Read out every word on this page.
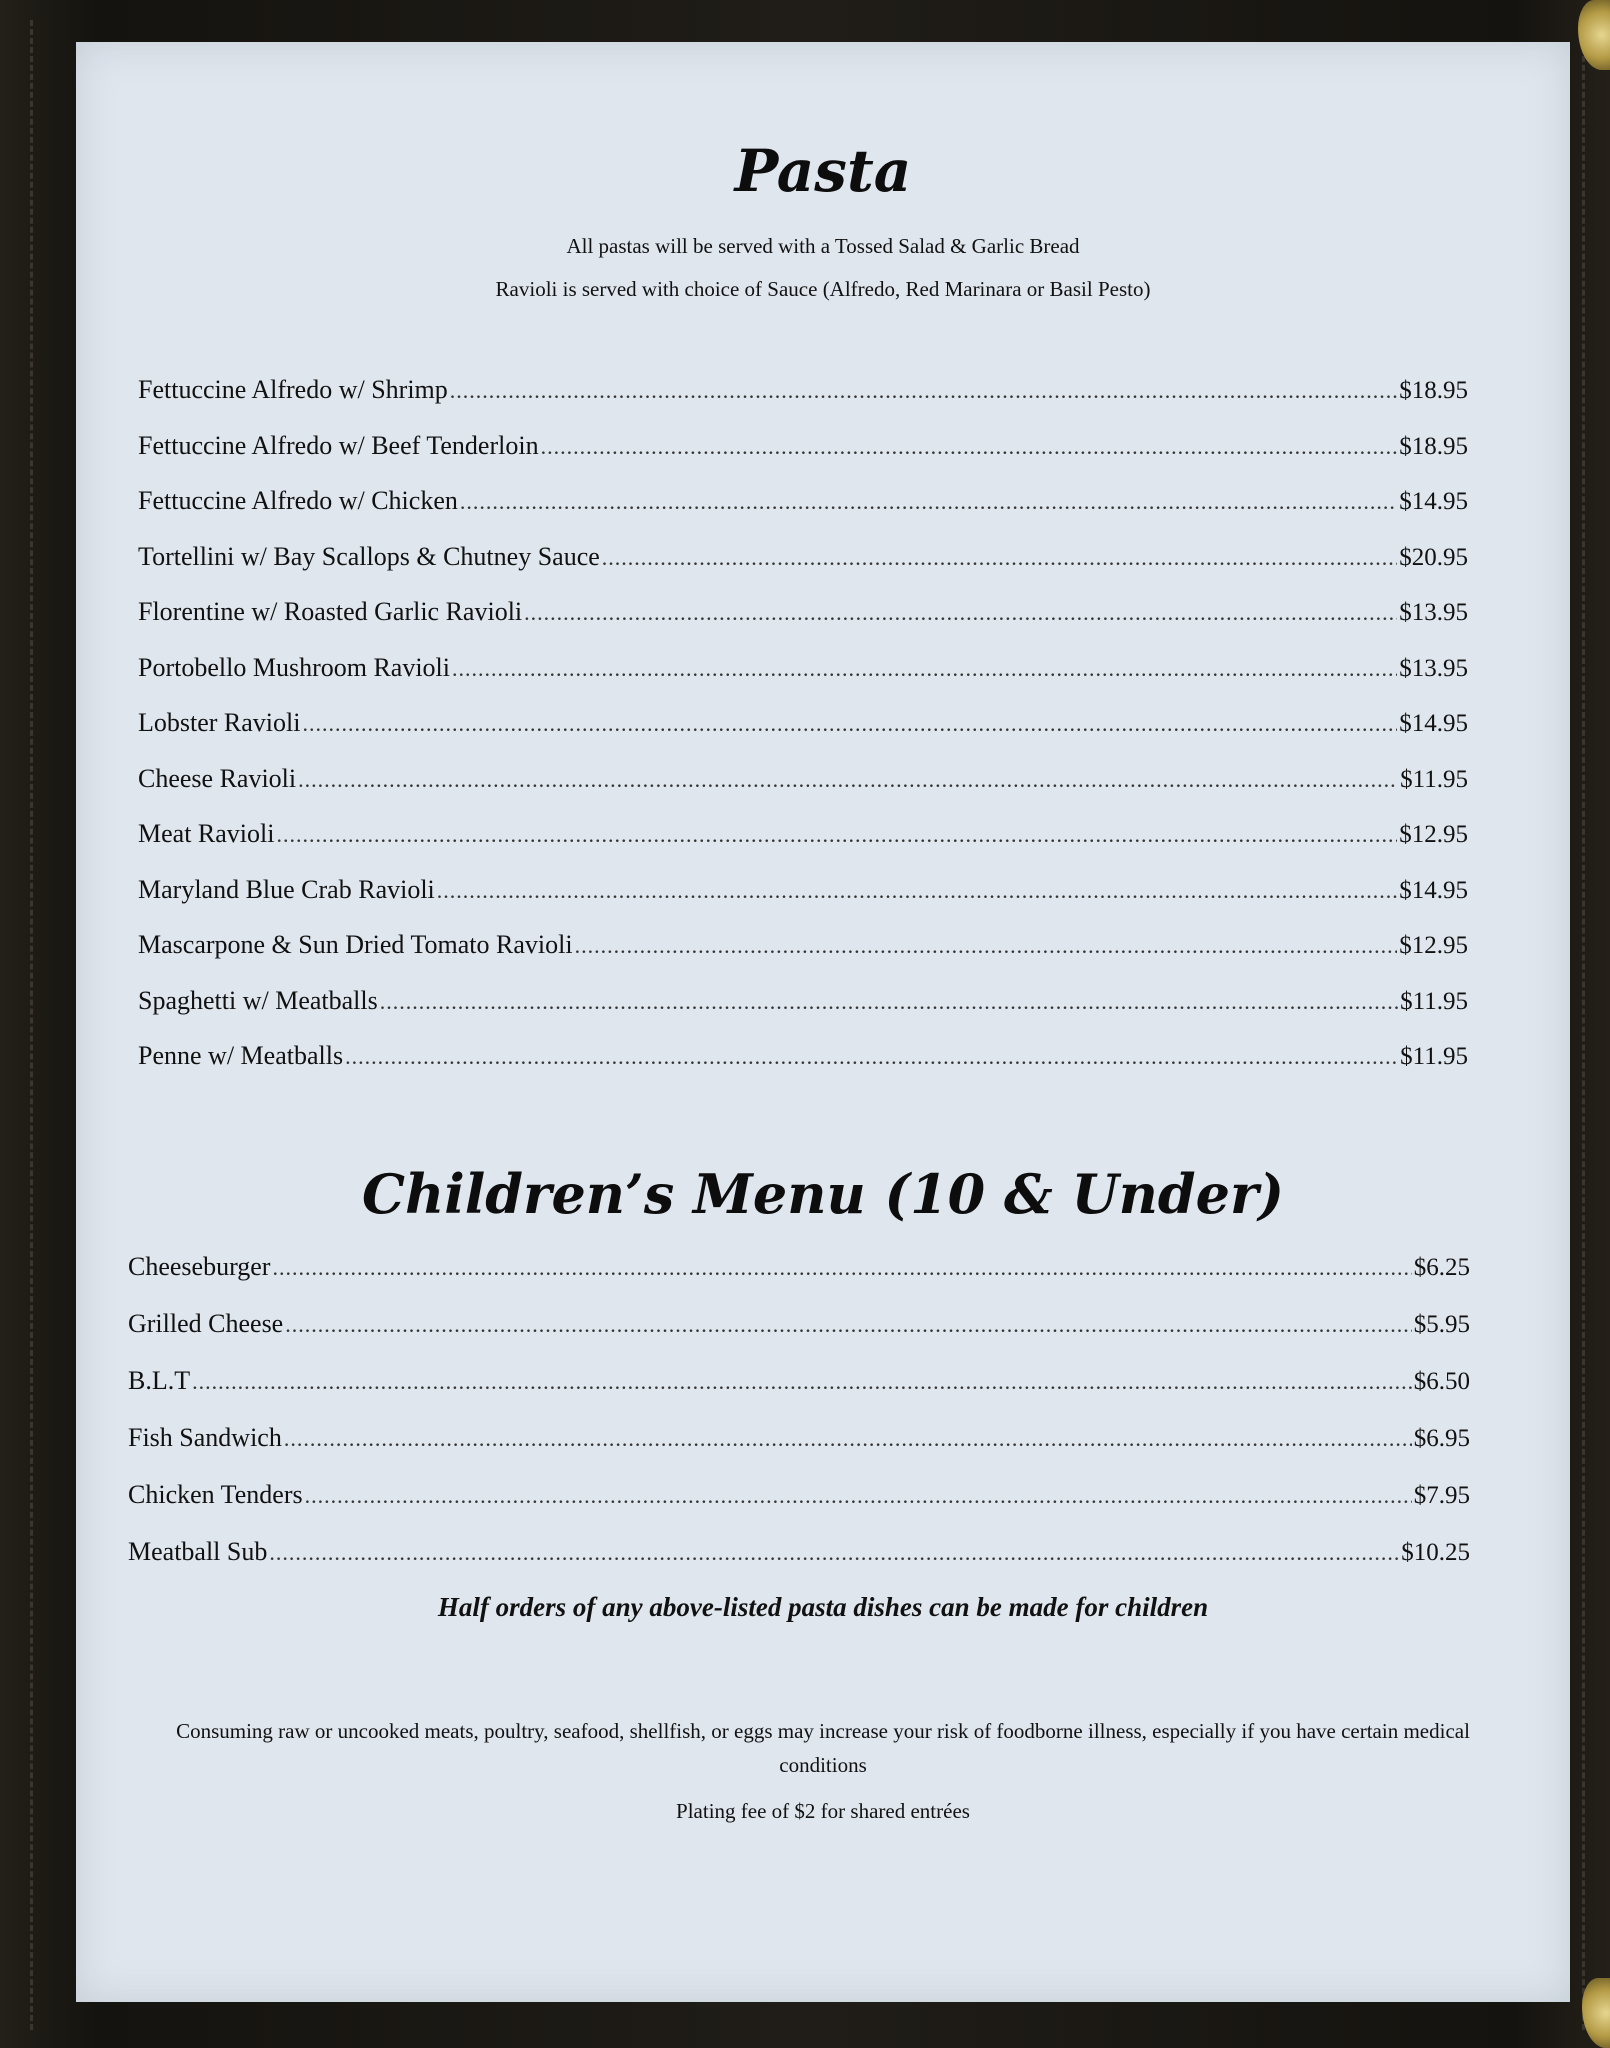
Pasta
All pastas will be served with a Tossed Salad & Garlic Bread
Ravioli is served with choice of Sauce (Alfredo, Red Marinara or Basil Pesto)
Fettuccine Alfredo w/ Shrimp .....	$18.95
Fettuccine Alfredo w/ Beef Tenderloin .....	$18.95
Fettuccine Alfredo w/ Chicken .....	$14.95
Tortellini w/ Bay Scallops & Chutney Sauce .....	$20.95
Florentine w/ Roasted Garlic Ravioli .....	$13.95
Portobello Mushroom Ravioli .....	$13.95
Lobster Ravioli .....	$14.95
Cheese Ravioli .....	$11.95
Meat Ravioli .....	$12.95
Maryland Blue Crab Ravioli .....	$14.95
Mascarpone & Sun Dried Tomato Ravioli .....	$12.95
Spaghetti w/ Meatballs .....	$11.95
Penne w/ Meatballs .....	$11.95
Children’s Menu (10 & Under)
Cheeseburger .....	$6.25
Grilled Cheese .....	$5.95
B.L.T .....	$6.50
Fish Sandwich .....	$6.95
Chicken Tenders .....	$7.95
Meatball Sub .....	$10.25
Half orders of any above-listed pasta dishes can be made for children
Consuming raw or uncooked meats, poultry, seafood, shellfish, or eggs may increase your risk of foodborne illness, especially if you have certain medical conditions
Plating fee of $2 for shared entrées
